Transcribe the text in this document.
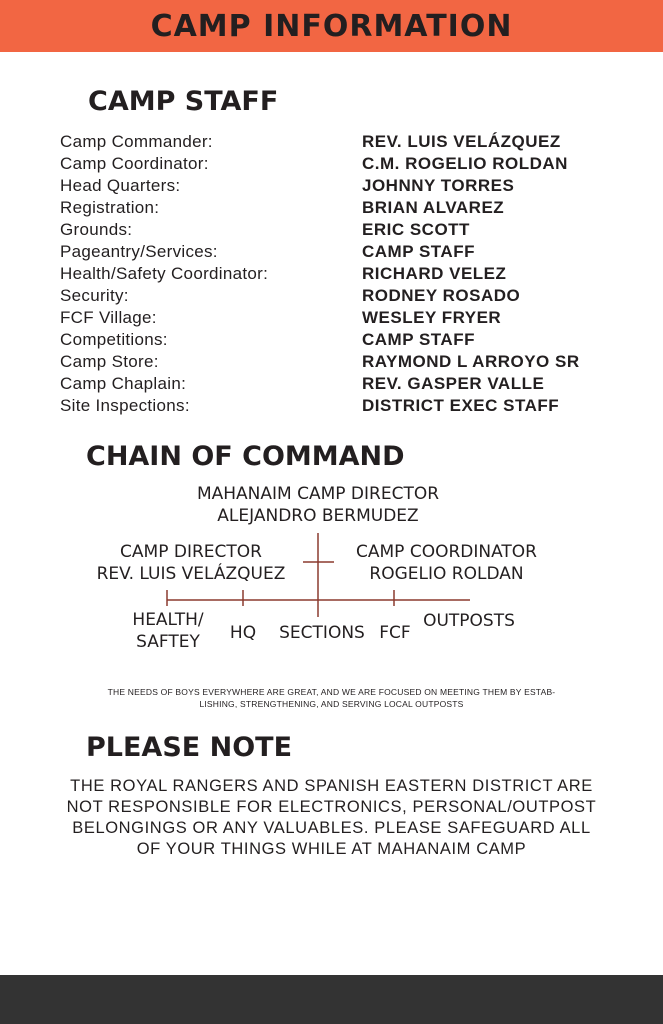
CAMP INFORMATION
CAMP STAFF
Camp Commander:	REV. LUIS VELÁZQUEZ
Camp Coordinator:	C.M. ROGELIO ROLDAN
Head Quarters:	JOHNNY TORRES
Registration:	BRIAN ALVAREZ
Grounds:	ERIC SCOTT
Pageantry/Services:	CAMP STAFF
Health/Safety Coordinator:	RICHARD VELEZ
Security:	RODNEY ROSADO
FCF Village:	WESLEY FRYER
Competitions:	CAMP STAFF
Camp Store:	RAYMOND L ARROYO SR
Camp Chaplain:	REV. GASPER VALLE
Site Inspections:	DISTRICT EXEC STAFF
CHAIN OF COMMAND
MAHANAIM CAMP DIRECTOR
ALEJANDRO BERMUDEZ
CAMP DIRECTOR
REV. LUIS VELÁZQUEZ
CAMP COORDINATOR
ROGELIO ROLDAN
HEALTH/
SAFTEY	HQ	SECTIONS FCF
OUTPOSTS
THE NEEDS OF BOYS EVERYWHERE ARE GREAT, AND WE ARE FOCUSED ON MEETING THEM BY ESTAB-
LISHING, STRENGTHENING, AND SERVING LOCAL OUTPOSTS
PLEASE NOTE
THE ROYAL RANGERS AND SPANISH EASTERN DISTRICT ARE
NOT RESPONSIBLE FOR ELECTRONICS, PERSONAL/OUTPOST
BELONGINGS OR ANY VALUABLES. PLEASE SAFEGUARD ALL
OF YOUR THINGS WHILE AT MAHANAIM CAMP
